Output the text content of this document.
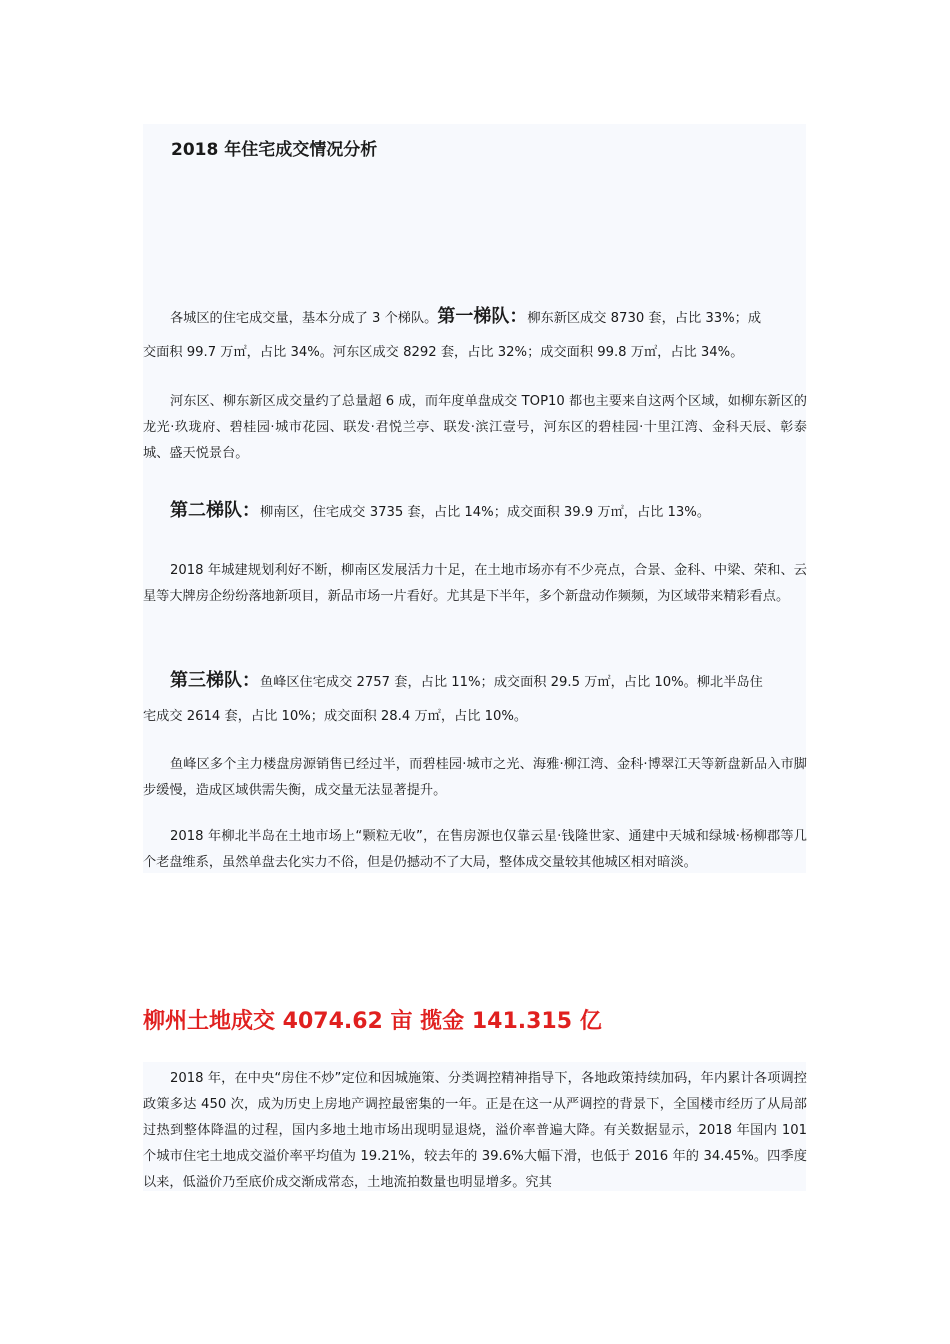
2018 年住宅成交情况分析

各城区的住宅成交量，基本分成了 3 个梯队。第一梯队：柳东新区成交 8730 套，占比 33%；成

交面积 99.7 万㎡，占比 34%。河东区成交 8292 套，占比 32%；成交面积 99.8 万㎡，占比 34%。

河东区、柳东新区成交量约了总量超 6 成，而年度单盘成交 TOP10 都也主要来自这两个区域，如柳东新区的龙光·玖珑府、碧桂园·城市花园、联发·君悦兰亭、联发·滨江壹号，河东区的碧桂园·十里江湾、金科天辰、彰泰城、盛天悦景台。

第二梯队：柳南区，住宅成交 3735 套，占比 14%；成交面积 39.9 万㎡，占比 13%。

2018 年城建规划利好不断，柳南区发展活力十足，在土地市场亦有不少亮点，合景、金科、中梁、荣和、云星等大牌房企纷纷落地新项目，新品市场一片看好。尤其是下半年，多个新盘动作频频，为区域带来精彩看点。

第三梯队：鱼峰区住宅成交 2757 套，占比 11%；成交面积 29.5 万㎡，占比 10%。柳北半岛住

宅成交 2614 套，占比 10%；成交面积 28.4 万㎡，占比 10%。

鱼峰区多个主力楼盘房源销售已经过半，而碧桂园·城市之光、海雅·柳江湾、金科·博翠江天等新盘新品入市脚步缓慢，造成区域供需失衡，成交量无法显著提升。

2018 年柳北半岛在土地市场上“颗粒无收”，在售房源也仅靠云星·钱隆世家、通建中天城和绿城·杨柳郡等几个老盘维系，虽然单盘去化实力不俗，但是仍撼动不了大局，整体成交量较其他城区相对暗淡。

柳州土地成交 4074.62 亩 揽金 141.315 亿

2018 年，在中央“房住不炒”定位和因城施策、分类调控精神指导下，各地政策持续加码，年内累计各项调控政策多达 450 次，成为历史上房地产调控最密集的一年。正是在这一从严调控的背景下，全国楼市经历了从局部过热到整体降温的过程，国内多地土地市场出现明显退烧，溢价率普遍大降。有关数据显示，2018 年国内 101 个城市住宅土地成交溢价率平均值为 19.21%，较去年的 39.6%大幅下滑，也低于 2016 年的 34.45%。四季度以来，低溢价乃至底价成交渐成常态，土地流拍数量也明显增多。究其
